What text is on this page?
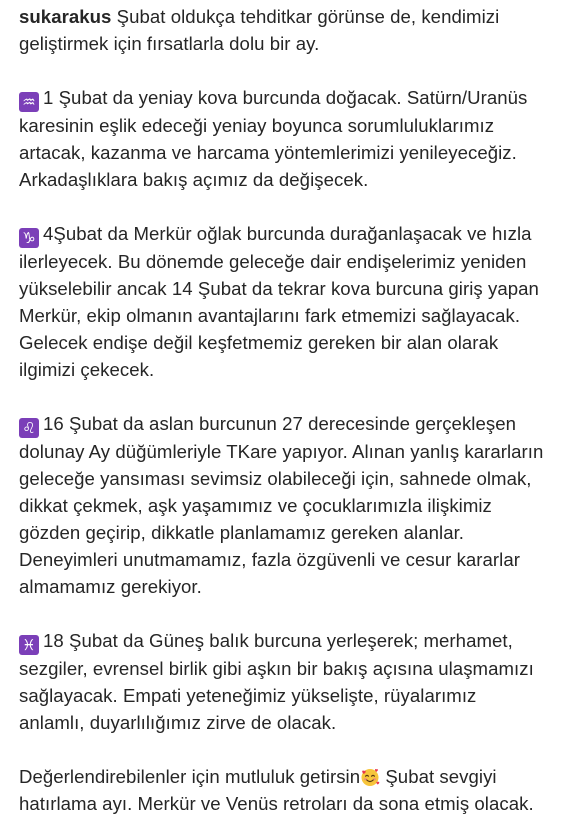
sukarakus Şubat oldukça tehditkar görünse de, kendimizi
geliştirmek için fırsatlarla dolu bir ay.

♒ 1 Şubat da yeniay kova burcunda doğacak. Satürn/Uranüs
karesinin eşlik edeceği yeniay boyunca sorumluluklarımız
artacak, kazanma ve harcama yöntemlerimizi yenileyeceğiz.
Arkadaşlıklara bakış açımız da değişecek.

♑ 4Şubat da Merkür oğlak burcunda durağanlaşacak ve hızla
ilerleyecek. Bu dönemde geleceğe dair endişelerimiz yeniden
yükselebilir ancak 14 Şubat da tekrar kova burcuna giriş yapan
Merkür, ekip olmanın avantajlarını fark etmemizi sağlayacak.
Gelecek endişe değil keşfetmemiz gereken bir alan olarak
ilgimizi çekecek.

♌ 16 Şubat da aslan burcunun 27 derecesinde gerçekleşen
dolunay Ay düğümleriyle TKare yapıyor. Alınan yanlış kararların
geleceğe yansıması sevimsiz olabileceği için, sahnede olmak,
dikkat çekmek, aşk yaşamımız ve çocuklarımızla ilişkimiz
gözden geçirip, dikkatle planlamamız gereken alanlar.
Deneyimleri unutmamamız, fazla özgüvenli ve cesur kararlar
almamamız gerekiyor.

♓ 18 Şubat da Güneş balık burcuna yerleşerek; merhamet,
sezgiler, evrensel birlik gibi aşkın bir bakış açısına ulaşmamızı
sağlayacak. Empati yeteneğimiz yükselişte, rüyalarımız
anlamlı, duyarlılığımız zirve de olacak.

Değerlendirebilenler için mutluluk getirsin Şubat sevgiyi
hatırlama ayı. Merkür ve Venüs retroları da sona etmiş olacak.
